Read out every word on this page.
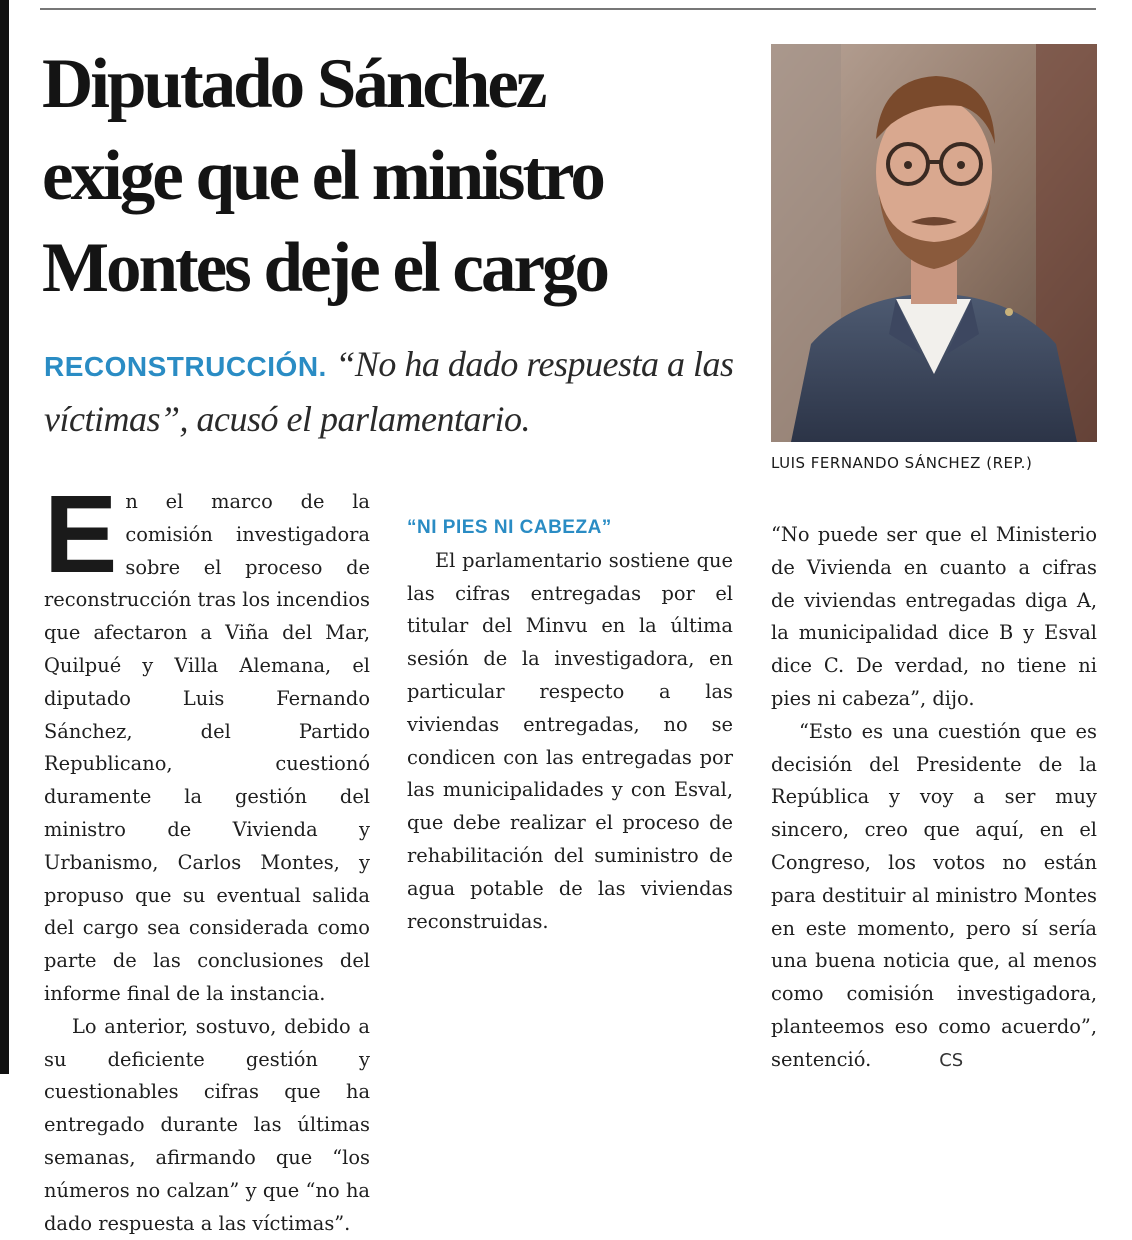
Diputado Sánchez
exige que el ministro
Montes deje el cargo
RECONSTRUCCIÓN. “No ha dado respuesta a las víctimas”, acusó el parlamentario.
LUIS FERNANDO SÁNCHEZ (REP.)

En el marco de la comisión investigadora sobre el proceso de reconstrucción tras los incendios que afectaron a Viña del Mar, Quilpué y Villa Alemana, el diputado Luis Fernando Sánchez, del Partido Republicano, cuestionó duramente la gestión del ministro de Vivienda y Urbanismo, Carlos Montes, y propuso que su eventual salida del cargo sea considerada como parte de las conclusiones del informe final de la instancia.

Lo anterior, sostuvo, debido a su deficiente gestión y cuestionables cifras que ha entregado durante las últimas semanas, afirmando que “los números no calzan” y que “no ha dado respuesta a las víctimas”.

“NI PIES NI CABEZA”

El parlamentario sostiene que las cifras entregadas por el titular del Minvu en la última sesión de la investigadora, en particular respecto a las viviendas entregadas, no se condicen con las entregadas por las municipalidades y con Esval, que debe realizar el proceso de rehabilitación del suministro de agua potable de las viviendas reconstruidas.

“No puede ser que el Ministerio de Vivienda en cuanto a cifras de viviendas entregadas diga A, la municipalidad dice B y Esval dice C. De verdad, no tiene ni pies ni cabeza”, dijo.

“Esto es una cuestión que es decisión del Presidente de la República y voy a ser muy sincero, creo que aquí, en el Congreso, los votos no están para destituir al ministro Montes en este momento, pero sí sería una buena noticia que, al menos como comisión investigadora, planteemos eso como acuerdo”, sentenció.	CS
